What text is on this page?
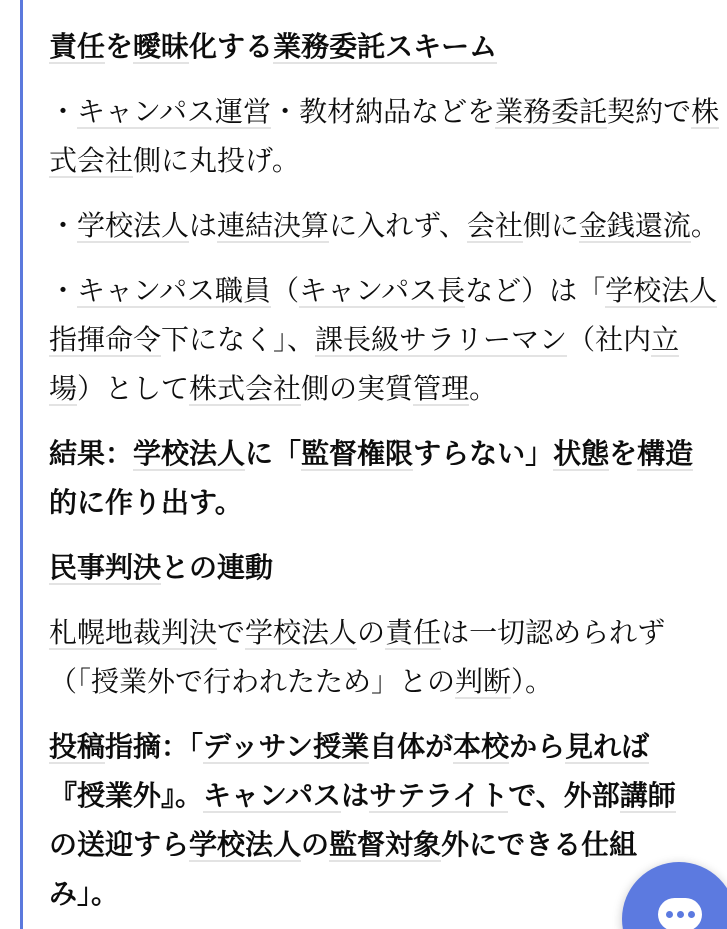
責任を曖昧化する業務委託スキーム

・キャンパス運営・教材納品などを業務委託契約で株
式会社側に丸投げ。

・学校法人は連結決算に入れず、会社側に金銭還流。

・キャンパス職員（キャンパス長など）は「学校法人
指揮命令下になく」、課長級サラリーマン（社内立
場）として株式会社側の実質管理。

結果：学校法人に「監督権限すらない」状態を構造
的に作り出す。

民事判決との連動

札幌地裁判決で学校法人の責任は一切認められず
（「授業外で行われたため」との判断）。

投稿指摘：「デッサン授業自体が本校から見れば
『授業外』。キャンパスはサテライトで、外部講師
の送迎すら学校法人の監督対象外にできる仕組
み」。
